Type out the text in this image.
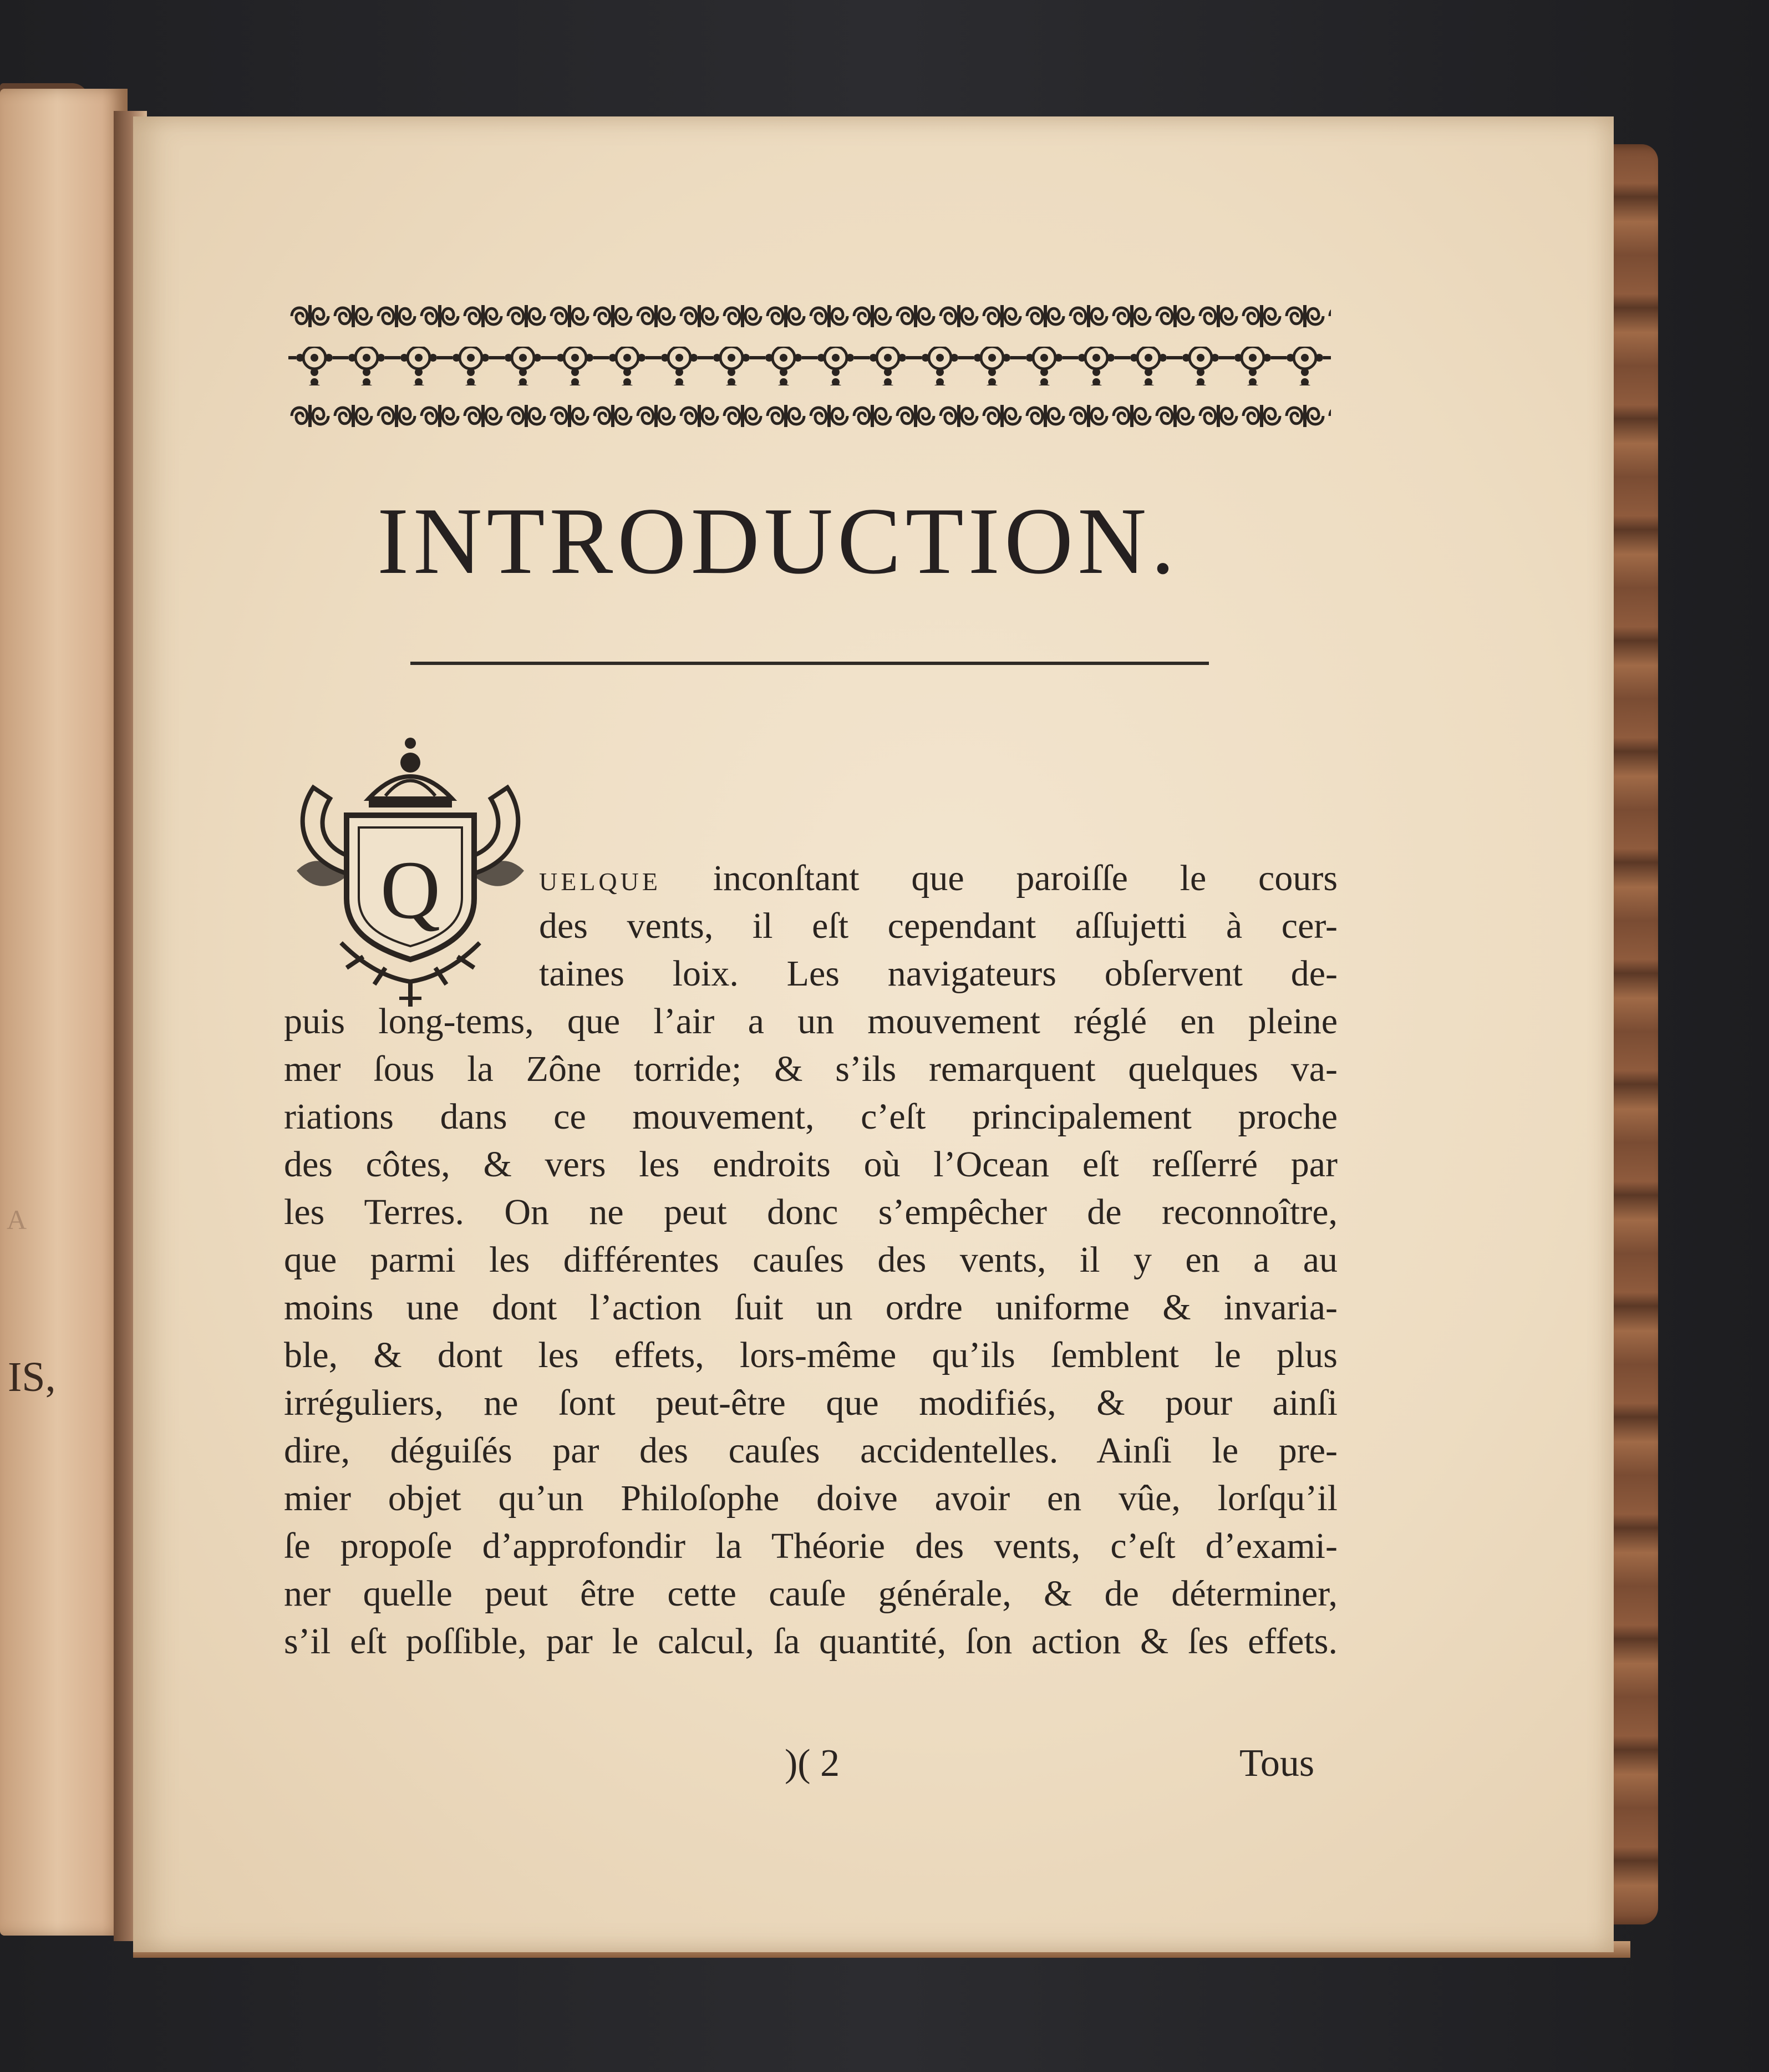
A
IS,
INTRODUCTION.
Q	UELQUE inconſtant que paroiſſe le cours
des vents, il eſt cependant aſſujetti à cer-
taines loix. Les navigateurs obſervent de-
puis long-tems, que l’air a un mouvement réglé en pleine
mer ſous la Zône torride; & s’ils remarquent quelques va-
riations dans ce mouvement, c’eſt principalement proche
des côtes, & vers les endroits où l’Ocean eſt reſſerré par
les Terres. On ne peut donc s’empêcher de reconnoître,
que parmi les différentes cauſes des vents, il y en a au
moins une dont l’action ſuit un ordre uniforme & invaria-
ble, & dont les effets, lors-même qu’ils ſemblent le plus
irréguliers, ne ſont peut-être que modifiés, & pour ainſi
dire, déguiſés par des cauſes accidentelles. Ainſi le pre-
mier objet qu’un Philoſophe doive avoir en vûe, lorſqu’il
ſe propoſe d’approfondir la Théorie des vents, c’eſt d’exami-
ner quelle peut être cette cauſe générale, & de déterminer,
s’il eſt poſſible, par le calcul, ſa quantité, ſon action & ſes effets.
)( 2	Tous
